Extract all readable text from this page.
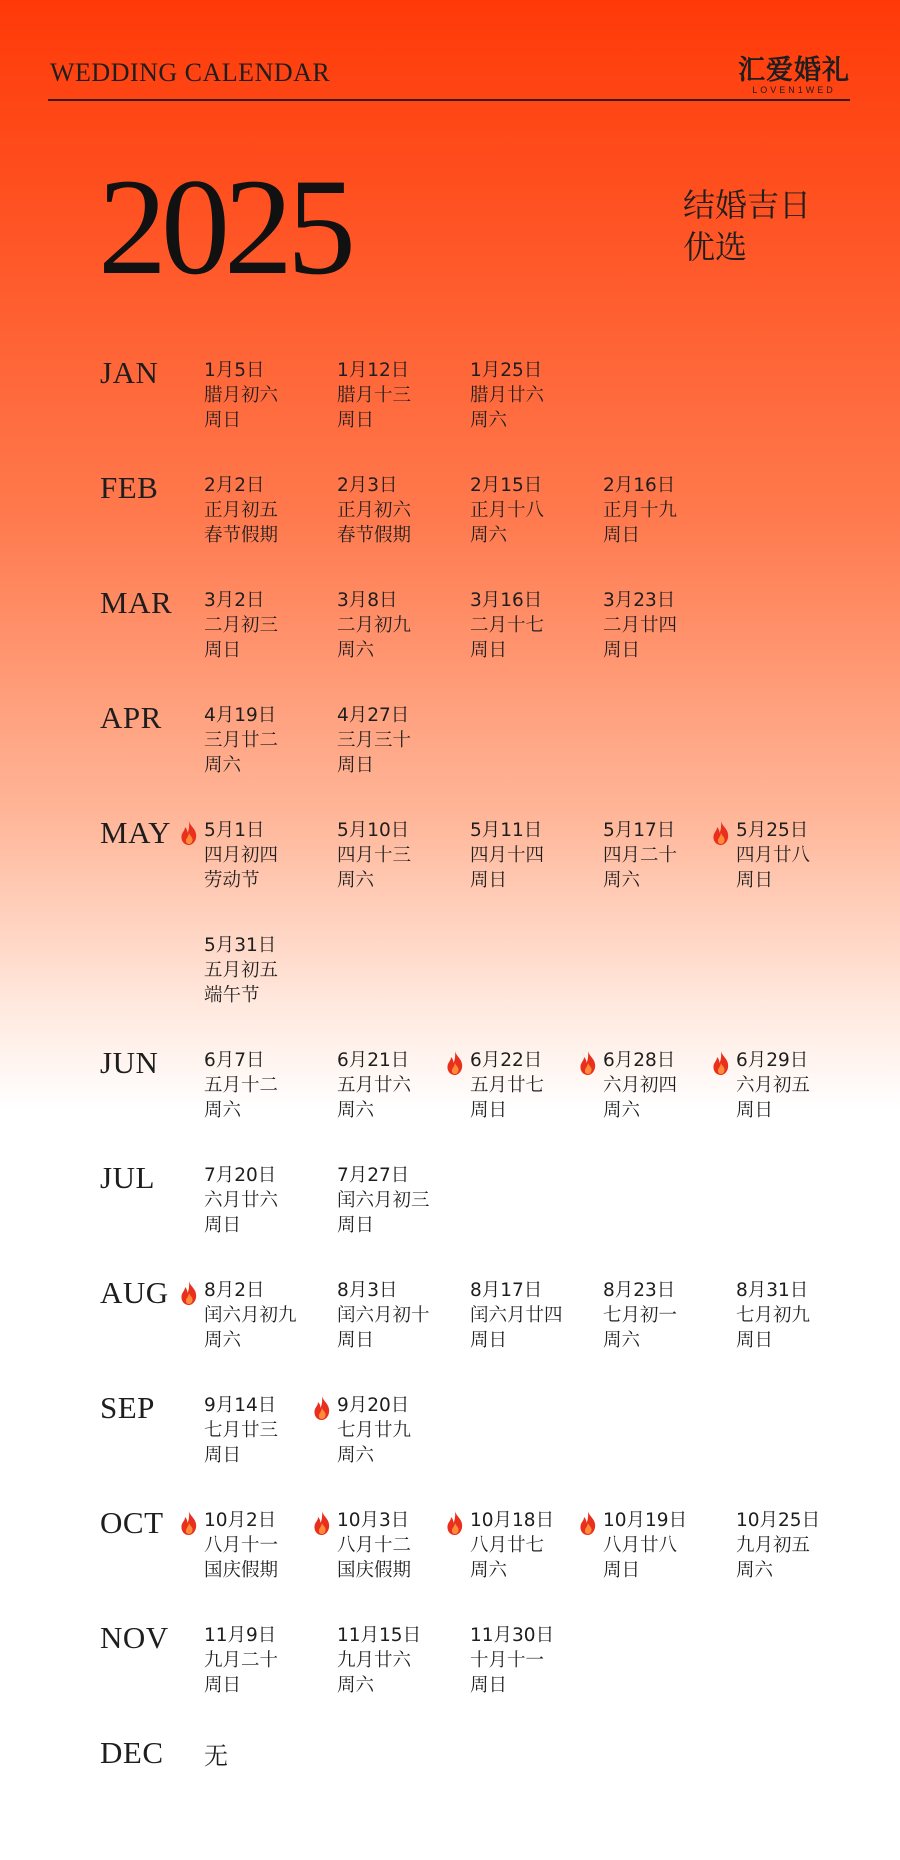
WEDDING CALENDAR	汇爱婚礼
LOVEN1WED
2025	结婚吉日
优选
JAN 1月5日
腊月初六
周日
1月12日
腊月十三
周日
1月25日
腊月廿六
周六
FEB 2月2日
正月初五
春节假期
2月3日
正月初六
春节假期
2月15日
正月十八
周六
2月16日
正月十九
周日
MAR 3月2日
二月初三
周日
3月8日
二月初九
周六
3月16日
二月十七
周日
3月23日
二月廿四
周日
APR 4月19日
三月廿二
周六
4月27日
三月三十
周日
MAY 5月1日
四月初四
劳动节
5月10日
四月十三
周六
5月11日
四月十四
周日
5月17日
四月二十
周六
5月25日
四月廿八
周日
5月31日
五月初五
端午节
JUN 6月7日
五月十二
周六
6月21日
五月廿六
周六
6月22日
五月廿七
周日
6月28日
六月初四
周六
6月29日
六月初五
周日
JUL	7月20日
六月廿六
周日
7月27日
闰六月初三
周日
AUG 8月2日
闰六月初九
周六
8月3日
闰六月初十
周日
8月17日
闰六月廿四
周日
8月23日
七月初一
周六
8月31日
七月初九
周日
SEP	9月14日
七月廿三
周日
9月20日
七月廿九
周六
OCT 10月2日
八月十一
国庆假期
10月3日
八月十二
国庆假期
10月18日
八月廿七
周六
10月19日
八月廿八
周日
10月25日
九月初五
周六
NOV 11月9日
九月二十
周日
11月15日
九月廿六
周六
11月30日
十月十一
周日
DEC 无
